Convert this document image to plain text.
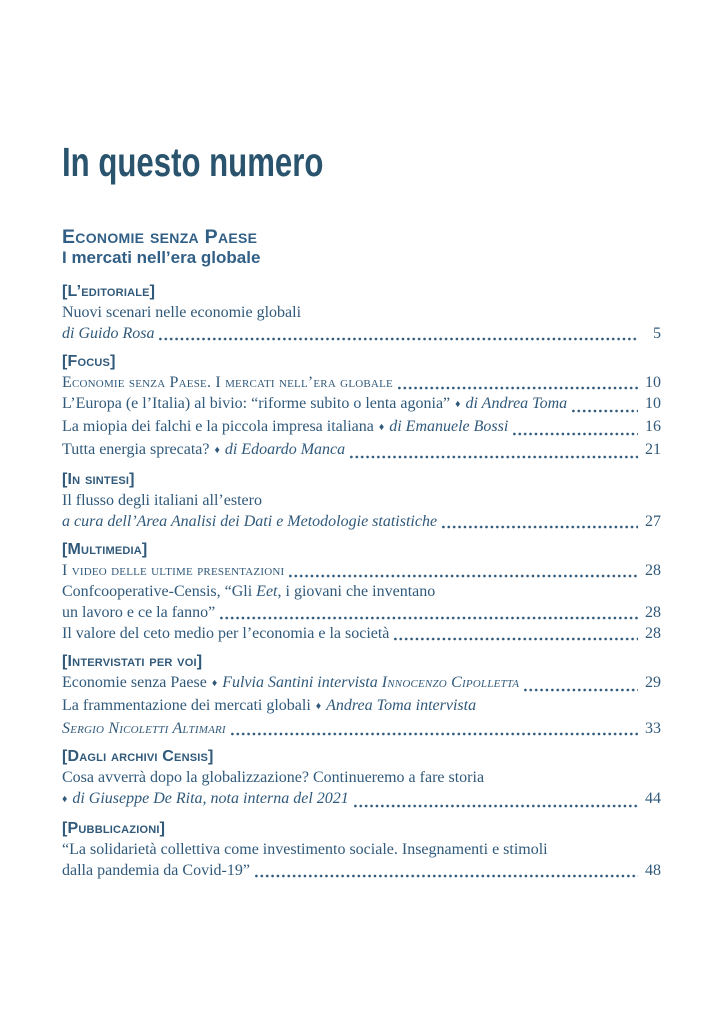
In questo numero
Economie senza Paese
I mercati nell’era globale
[L’editoriale]
Nuovi scenari nelle economie globali
di Guido Rosa	5
[Focus]
Economie senza Paese. I mercati nell’era globale	10
L’Europa (e l’Italia) al bivio: “riforme subito o lenta agonia” ♦ di Andrea Toma	10
La miopia dei falchi e la piccola impresa italiana ♦ di Emanuele Bossi	16
Tutta energia sprecata? ♦ di Edoardo Manca	21
[In sintesi]
Il flusso degli italiani all’estero
a cura dell’Area Analisi dei Dati e Metodologie statistiche	27
[Multimedia]
I video delle ultime presentazioni	28
Confcooperative-Censis, “Gli Eet, i giovani che inventano
un lavoro e ce la fanno”	28
Il valore del ceto medio per l’economia e la società	28
[Intervistati per voi]
Economie senza Paese ♦ Fulvia Santini intervista Innocenzo Cipolletta	29
La frammentazione dei mercati globali ♦ Andrea Toma intervista
Sergio Nicoletti Altimari	33
[Dagli archivi Censis]
Cosa avverrà dopo la globalizzazione? Continueremo a fare storia
♦ di Giuseppe De Rita, nota interna del 2021	44
[Pubblicazioni]
“La solidarietà collettiva come investimento sociale. Insegnamenti e stimoli
dalla pandemia da Covid-19”	48
